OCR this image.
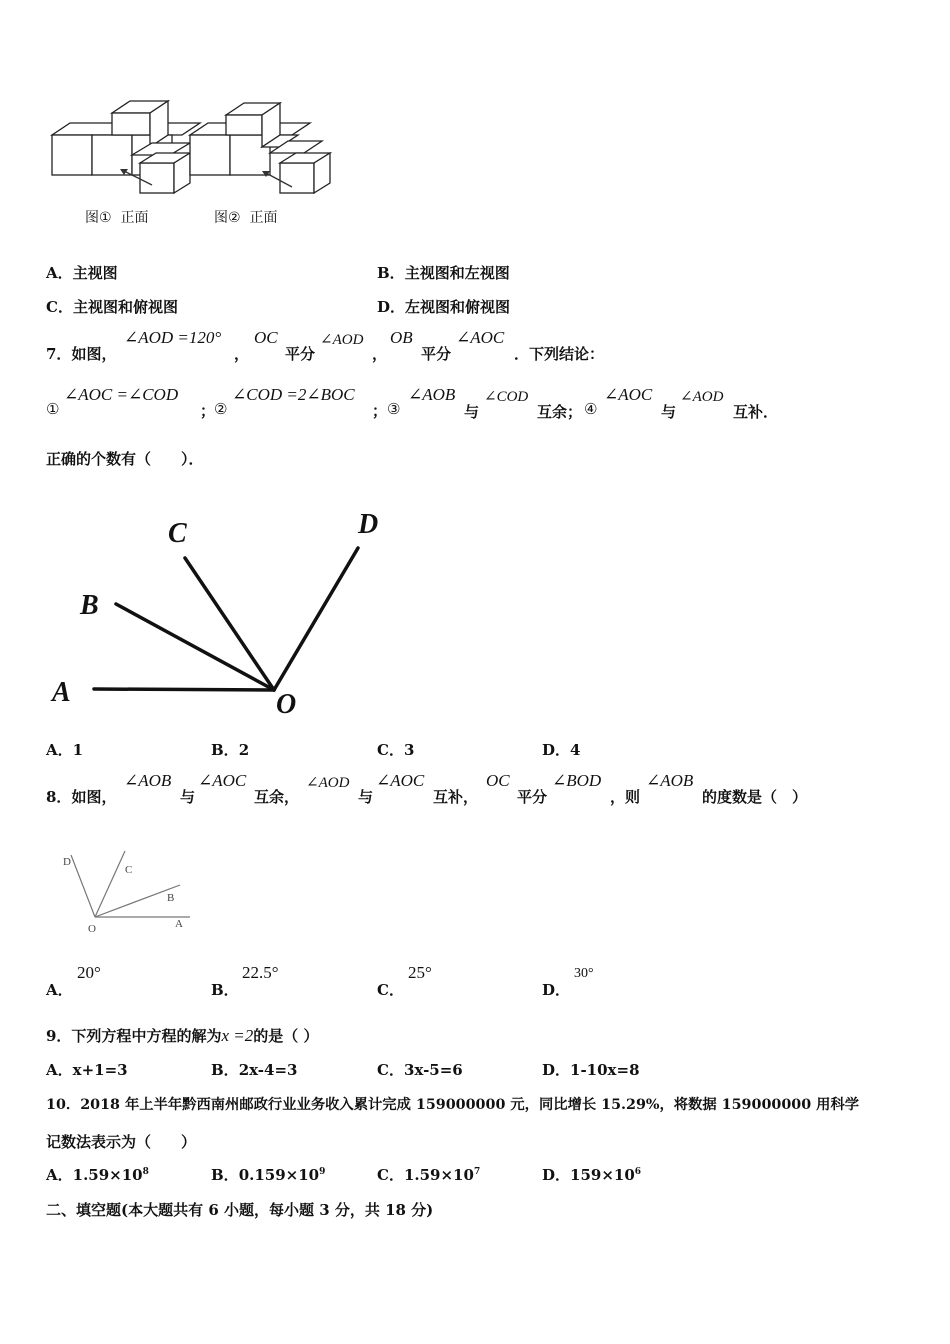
图① 正面	图② 正面
A．主视图	B．主视图和左视图
C．主视图和俯视图	D．左视图和俯视图
7．如图，
∠AOD =120°
，
OC
平分
∠AOD
，
OB
平分
∠AOC
．下列结论：
①
∠AOC =∠COD
；
②
∠COD =2∠BOC
； ③
∠AOB
与
∠COD
互余； ④
∠AOC
与
∠AOD
互补．
正确的个数有（　　）．
A
B
C	D
O
A．1	B．2	C．3	D．4
8．如图，
∠AOB
与
∠AOC
互余，
∠AOD
与
∠AOC
互补，
OC
平分
∠BOD
，则
∠AOB
的度数是（　）
D
C
B
A
O
A．
20°
B．
22.5°
C．
25°
D．
30°
9．下列方程中方程的解为x =2的是（ ）
A．x+1=3	B．2x-4=3	C．3x-5=6	D．1-10x=8
10．2018 年上半年黔西南州邮政行业业务收入累计完成 159000000 元，同比增长 15.29%，将数据 159000000 用科学
记数法表示为（　　）
A．$1.59\times 10^8$	B．$0.159\times 10^9$	C．$1.59\times 10^7$	D．$159\times 10^6$
二、填空题(本大题共有 6 小题，每小题 3 分，共 18 分)
